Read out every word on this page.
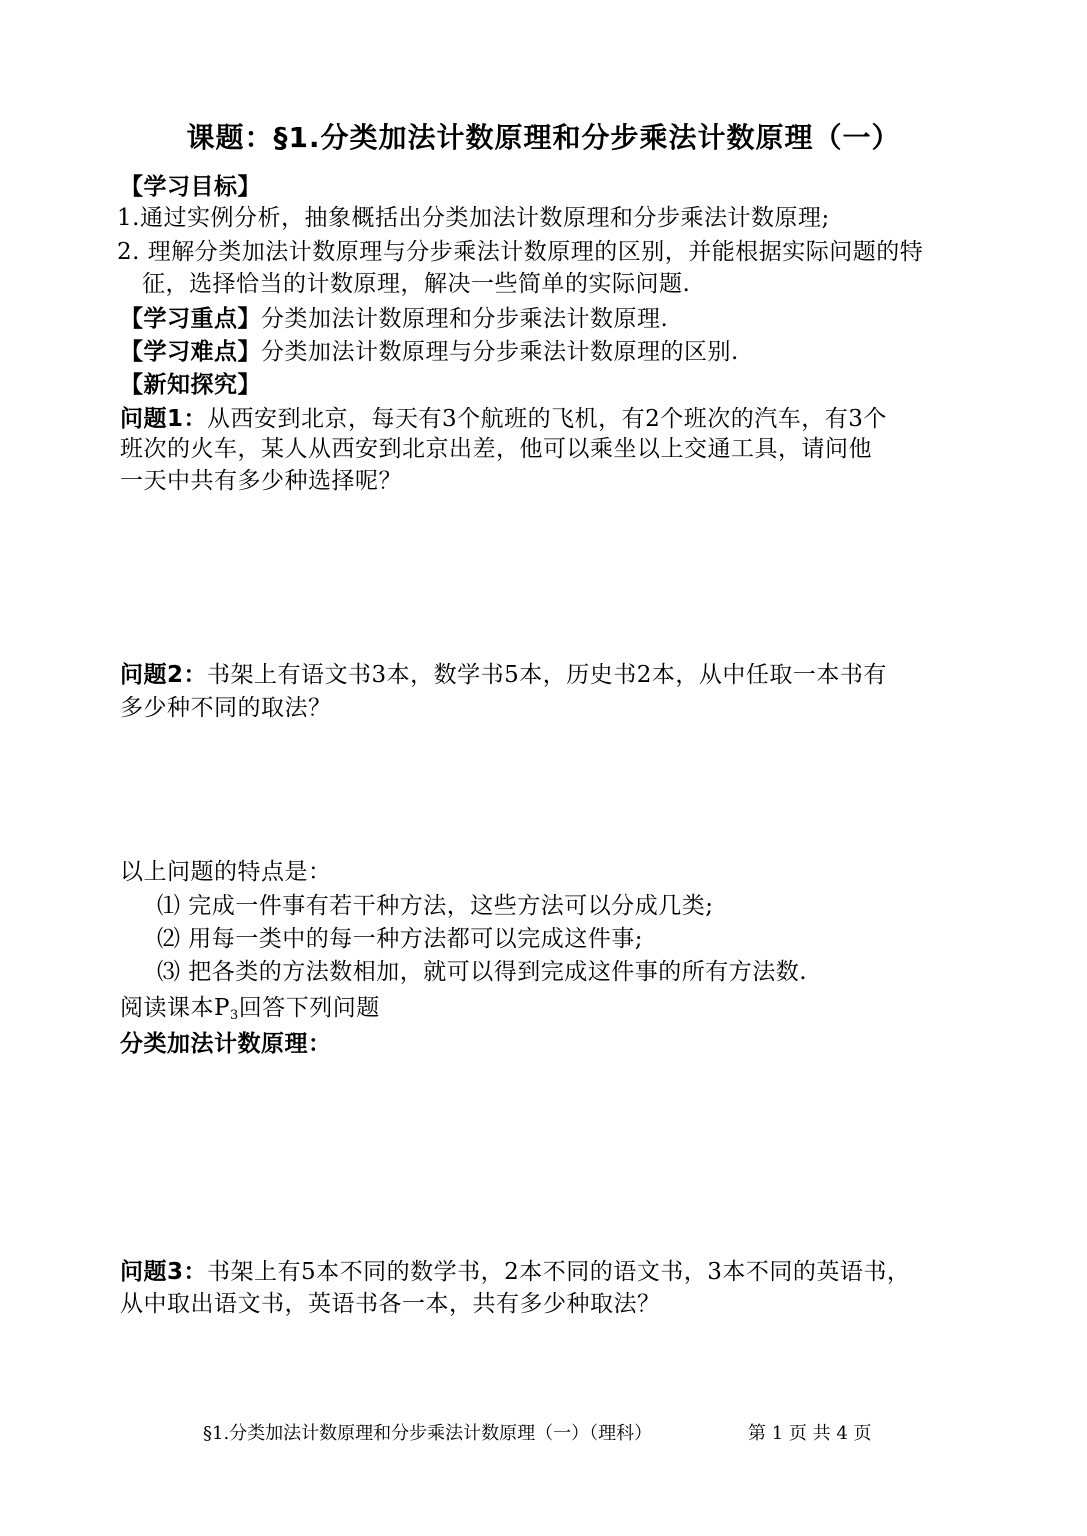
课题：§1.分类加法计数原理和分步乘法计数原理（一）
【学习目标】
1.通过实例分析，抽象概括出分类加法计数原理和分步乘法计数原理;
2. 理解分类加法计数原理与分步乘法计数原理的区别，并能根据实际问题的特
征，选择恰当的计数原理，解决一些简单的实际问题.
【学习重点】分类加法计数原理和分步乘法计数原理.
【学习难点】分类加法计数原理与分步乘法计数原理的区别.
【新知探究】
问题1：从西安到北京，每天有3个航班的飞机，有2个班次的汽车，有3个
班次的火车，某人从西安到北京出差，他可以乘坐以上交通工具，请问他
一天中共有多少种选择呢？
问题2：书架上有语文书3本，数学书5本，历史书2本，从中任取一本书有
多少种不同的取法？
以上问题的特点是：
⑴ 完成一件事有若干种方法，这些方法可以分成几类;
⑵ 用每一类中的每一种方法都可以完成这件事;
⑶ 把各类的方法数相加，就可以得到完成这件事的所有方法数.
阅读课本$P_3$回答下列问题
分类加法计数原理：
问题3：书架上有5本不同的数学书，2本不同的语文书，3本不同的英语书，
从中取出语文书，英语书各一本，共有多少种取法？
§1.分类加法计数原理和分步乘法计数原理（一）（理科）	第 1 页 共 4 页
